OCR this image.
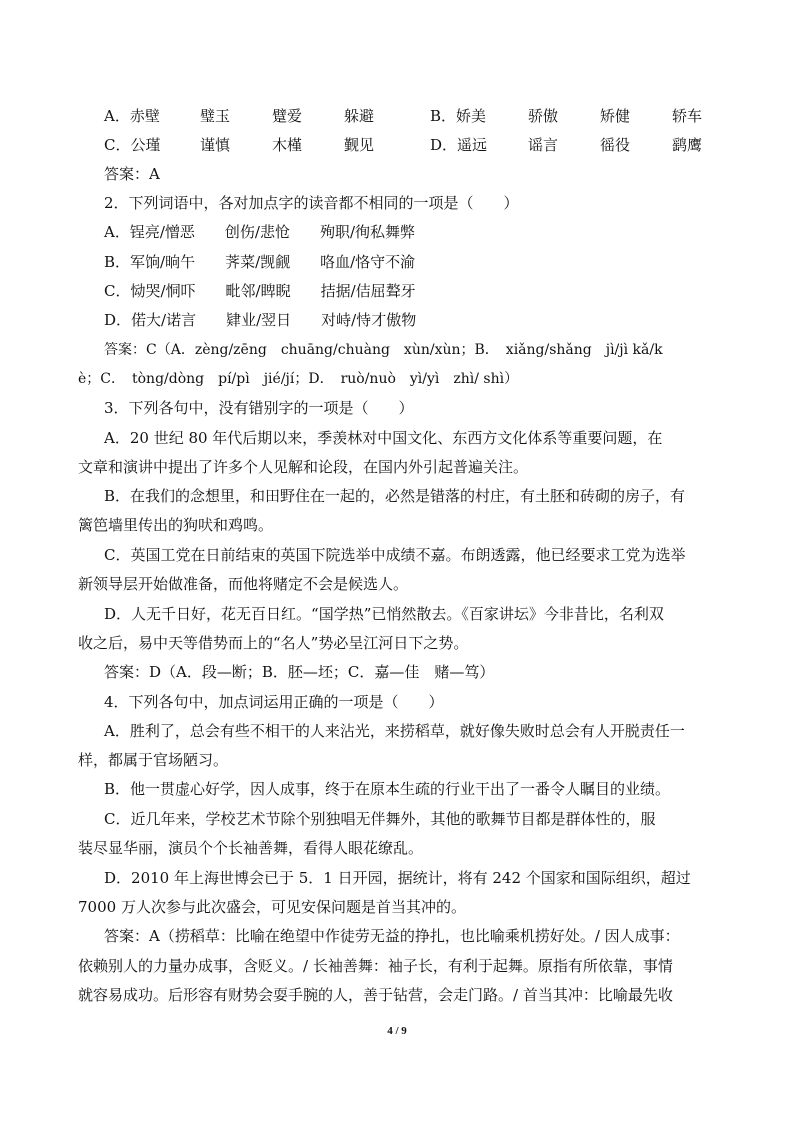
A．赤壁	璧玉	躄爱	躲避	B．娇美	骄傲	矫健	轿车
C．公瑾	谨慎	木槿	觐见	D．遥远	谣言	徭役	鹞鹰
答案：A
2．下列词语中，各对加点字的读音都不相同的一项是（　　）
A．锃亮/憎恶　　创伤/悲怆　　殉职/徇私舞弊
B．军饷/晌午　　荠菜/觊觎　　咯血/恪守不渝
C．恸哭/恫吓　　毗邻/睥睨　　拮据/佶屈聱牙
D．偌大/诺言　　肄业/翌日　　对峙/恃才傲物
答案：C（A．zèng/zēng　chuāng/chuàng　xùn/xùn；B．　xiǎng/shǎng　jì/jì kǎ/k
è；C．　tòng/dòng　pí/pì　jié/jí；D．　ruò/nuò　yì/yì　zhì/ shì）
3．下列各句中，没有错别字的一项是（　　）
A．20 世纪 80 年代后期以来，季羡林对中国文化、东西方文化体系等重要问题，在
文章和演讲中提出了许多个人见解和论段，在国内外引起普遍关注。
B．在我们的念想里，和田野住在一起的，必然是错落的村庄，有土胚和砖砌的房子，有
篱笆墙里传出的狗吠和鸡鸣。
C．英国工党在日前结束的英国下院选举中成绩不嘉。布朗透露，他已经要求工党为选举
新领导层开始做准备，而他将赌定不会是候选人。
D．人无千日好，花无百日红。“国学热”已悄然散去。《百家讲坛》今非昔比，名利双
收之后，易中天等借势而上的“名人”势必呈江河日下之势。
答案：D（A．段—断；B．胚—坯；C．嘉—佳　赌—笃）
4．下列各句中，加点词运用正确的一项是（　　）
A．胜利了，总会有些不相干的人来沾光，来捞稻草，就好像失败时总会有人开脱责任一
样，都属于官场陋习。
B．他一贯虚心好学，因人成事，终于在原本生疏的行业干出了一番令人瞩目的业绩。
C．近几年来，学校艺术节除个别独唱无伴舞外，其他的歌舞节目都是群体性的，服
装尽显华丽，演员个个长袖善舞，看得人眼花缭乱。
D．2010 年上海世博会已于 5．1 日开园，据统计，将有 242 个国家和国际组织，超过
7000 万人次参与此次盛会，可见安保问题是首当其冲的。
答案：A（捞稻草：比喻在绝望中作徒劳无益的挣扎，也比喻乘机捞好处。/ 因人成事：
依赖别人的力量办成事，含贬义。/ 长袖善舞：袖子长，有利于起舞。原指有所依靠，事情
就容易成功。后形容有财势会耍手腕的人，善于钻营，会走门路。/ 首当其冲：比喻最先收
4 / 9
